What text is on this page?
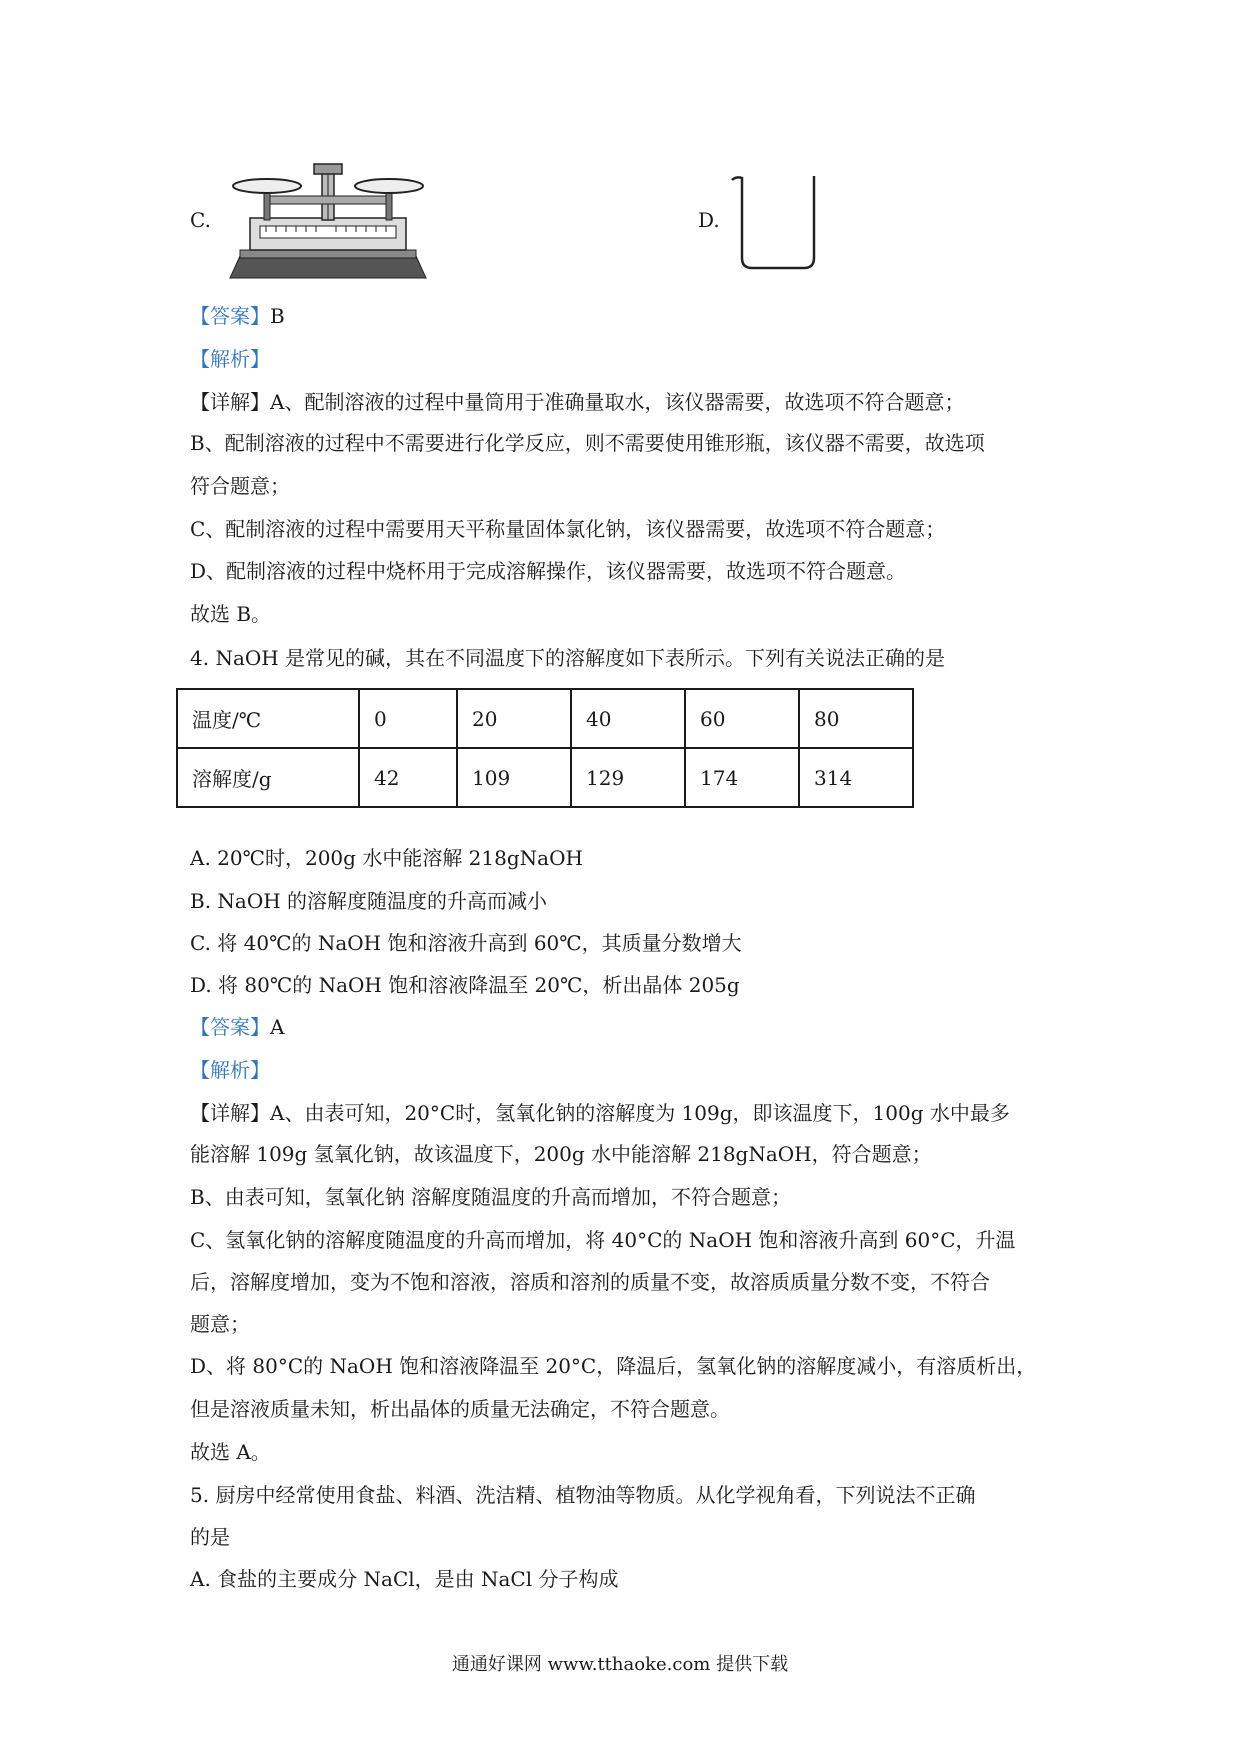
C.	D.
【答案】B
【解析】
【详解】A、配制溶液的过程中量筒用于准确量取水，该仪器需要，故选项不符合题意；
B、配制溶液的过程中不需要进行化学反应，则不需要使用锥形瓶，该仪器不需要，故选项
符合题意；
C、配制溶液的过程中需要用天平称量固体氯化钠，该仪器需要，故选项不符合题意；
D、配制溶液的过程中烧杯用于完成溶解操作，该仪器需要，故选项不符合题意。
故选 B。
4. NaOH 是常见的碱，其在不同温度下的溶解度如下表所示。下列有关说法正确的是
温度/℃	0	20	40	60	80
溶解度/g	42	109	129	174	314
A. 20℃时，200g 水中能溶解 218gNaOH
B. NaOH 的溶解度随温度的升高而减小
C. 将 40℃的 NaOH 饱和溶液升高到 60℃，其质量分数增大
D. 将 80℃的 NaOH 饱和溶液降温至 20℃，析出晶体 205g
【答案】A
【解析】
【详解】A、由表可知，20°C时，氢氧化钠的溶解度为 109g，即该温度下，100g 水中最多
能溶解 109g 氢氧化钠，故该温度下，200g 水中能溶解 218gNaOH，符合题意；
B、由表可知，氢氧化钠 溶解度随温度的升高而增加，不符合题意；
C、氢氧化钠的溶解度随温度的升高而增加，将 40°C的 NaOH 饱和溶液升高到 60°C，升温
后，溶解度增加，变为不饱和溶液，溶质和溶剂的质量不变，故溶质质量分数不变，不符合
题意；
D、将 80°C的 NaOH 饱和溶液降温至 20°C，降温后，氢氧化钠的溶解度减小，有溶质析出，
但是溶液质量未知，析出晶体的质量无法确定，不符合题意。
故选 A。
5. 厨房中经常使用食盐、料酒、洗洁精、植物油等物质。从化学视角看，下列说法不正确
的是
A. 食盐的主要成分 NaCl，是由 NaCl 分子构成
通通好课网 www.tthaoke.com 提供下载
